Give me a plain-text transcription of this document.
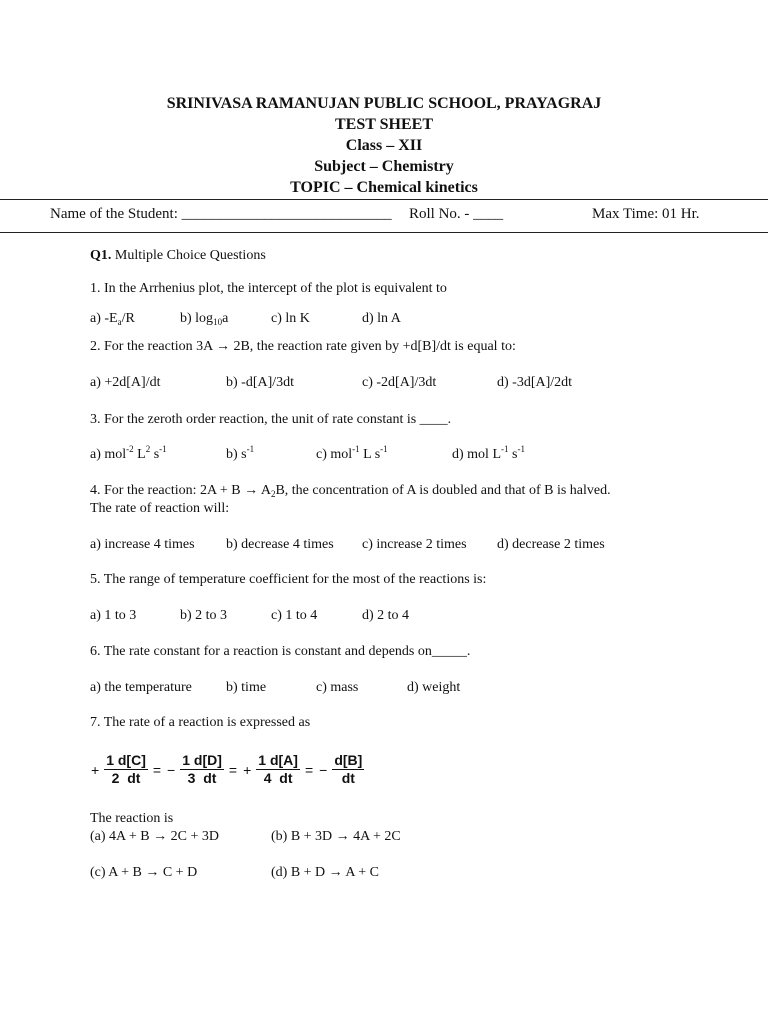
SRINIVASA RAMANUJAN PUBLIC SCHOOL, PRAYAGRAJ
TEST SHEET
Class – XII
Subject – Chemistry
TOPIC – Chemical kinetics
Name of the Student: ____________________________ Roll No. - ____	Max Time: 01 Hr.
Q1. Multiple Choice Questions
1. In the Arrhenius plot, the intercept of the plot is equivalent to
a) $-E_a/R$	b) $\log_{10}a$	c) ln K	d) ln A
2. For the reaction 3A → 2B, the reaction rate given by +d[B]/dt is equal to:
a) +2d[A]/dt	b) -d[A]/3dt	c) -2d[A]/3dt	d) -3d[A]/2dt
3. For the zeroth order reaction, the unit of rate constant is ____.
a) mol$^{-2}$ $L^2$ $s^{-1}$	b) $s^{-1}$	c) mol$^{-1}$ L $s^{-1}$	d) mol $L^{-1}$ $s^{-1}$
4. For the reaction: $2A + B \to A_2B$, the concentration of A is doubled and that of B is halved.
The rate of reaction will:
a) increase 4 times b) decrease 4 times c) increase 2 times d) decrease 2 times
5. The range of temperature coefficient for the most of the reactions is:
a) 1 to 3	b) 2 to 3	c) 1 to 4	d) 2 to 4
6. The rate constant for a reaction is constant and depends on_____.
a) the temperature b) time	c) mass	d) weight
7. The rate of a reaction is expressed as
+ $\frac{1 d[C]}{2 dt}$ = − $\frac{1 d[D]}{3 dt}$ = + $\frac{1 d[A]}{4 dt}$ = − $\frac{d[B]}{dt}$
The reaction is
(a) 4A + B → 2C + 3D	(b) B + 3D → 4A + 2C
(c) A + B → C + D	(d) B + D → A + C
